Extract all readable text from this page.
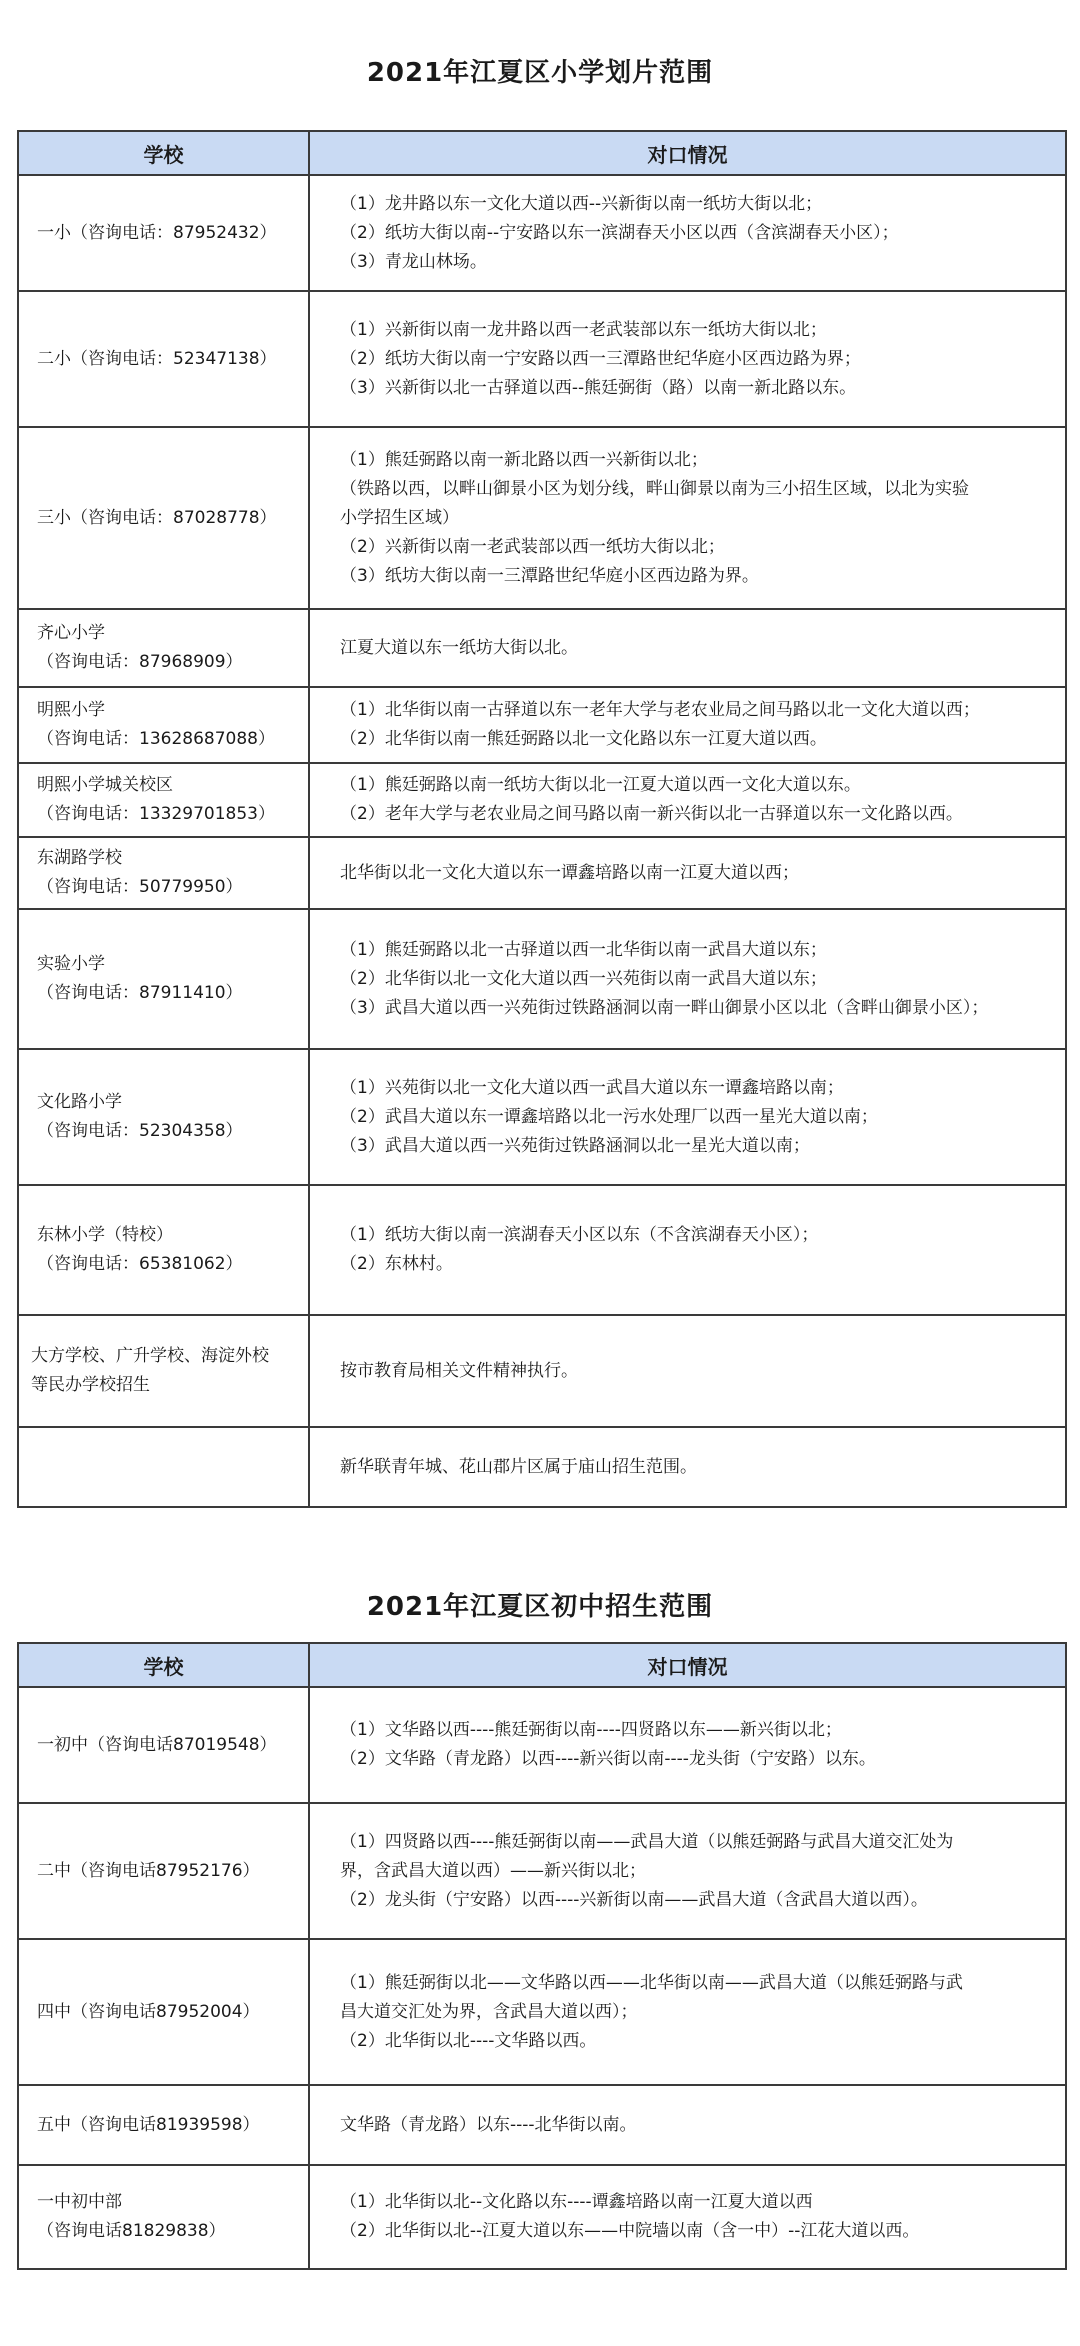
2021年江夏区小学划片范围
学校	对口情况

一小（咨询电话：87952432）	（1）龙井路以东一文化大道以西--兴新街以南一纸坊大街以北；
（2）纸坊大街以南--宁安路以东一滨湖春天小区以西（含滨湖春天小区）；
（3）青龙山林场。

二小（咨询电话：52347138）	（1）兴新街以南一龙井路以西一老武装部以东一纸坊大街以北；
（2）纸坊大街以南一宁安路以西一三潭路世纪华庭小区西边路为界；
（3）兴新街以北一古驿道以西--熊廷弼街（路）以南一新北路以东。

三小（咨询电话：87028778）	（1）熊廷弼路以南一新北路以西一兴新街以北；
（铁路以西，以畔山御景小区为划分线，畔山御景以南为三小招生区域，以北为实验
小学招生区域）
（2）兴新街以南一老武装部以西一纸坊大街以北；
（3）纸坊大街以南一三潭路世纪华庭小区西边路为界。

齐心小学
（咨询电话：87968909）	江夏大道以东一纸坊大街以北。

明熙小学
（咨询电话：13628687088）	（1）北华街以南一古驿道以东一老年大学与老农业局之间马路以北一文化大道以西；
（2）北华街以南一熊廷弼路以北一文化路以东一江夏大道以西。

明熙小学城关校区
（咨询电话：13329701853）	（1）熊廷弼路以南一纸坊大街以北一江夏大道以西一文化大道以东。
（2）老年大学与老农业局之间马路以南一新兴街以北一古驿道以东一文化路以西。

东湖路学校
（咨询电话：50779950）	北华街以北一文化大道以东一谭鑫培路以南一江夏大道以西；

实验小学
（咨询电话：87911410）	（1）熊廷弼路以北一古驿道以西一北华街以南一武昌大道以东；
（2）北华街以北一文化大道以西一兴苑街以南一武昌大道以东；
（3）武昌大道以西一兴苑街过铁路涵洞以南一畔山御景小区以北（含畔山御景小区）；

文化路小学
（咨询电话：52304358）	（1）兴苑街以北一文化大道以西一武昌大道以东一谭鑫培路以南；
（2）武昌大道以东一谭鑫培路以北一污水处理厂以西一星光大道以南；
（3）武昌大道以西一兴苑街过铁路涵洞以北一星光大道以南；

东林小学（特校）
（咨询电话：65381062）	（1）纸坊大街以南一滨湖春天小区以东（不含滨湖春天小区）；
（2）东林村。

大方学校、广升学校、海淀外校
等民办学校招生	按市教育局相关文件精神执行。

	新华联青年城、花山郡片区属于庙山招生范围。
2021年江夏区初中招生范围
学校	对口情况

一初中（咨询电话87019548）	（1）文华路以西----熊廷弼街以南----四贤路以东——新兴街以北；
（2）文华路（青龙路）以西----新兴街以南----龙头街（宁安路）以东。

二中（咨询电话87952176）	（1）四贤路以西----熊廷弼街以南——武昌大道（以熊廷弼路与武昌大道交汇处为
界，含武昌大道以西）——新兴街以北；
（2）龙头街（宁安路）以西----兴新街以南——武昌大道（含武昌大道以西）。

四中（咨询电话87952004）	（1）熊廷弼街以北——文华路以西——北华街以南——武昌大道（以熊廷弼路与武
昌大道交汇处为界，含武昌大道以西）；
（2）北华街以北----文华路以西。

五中（咨询电话81939598）	文华路（青龙路）以东----北华街以南。

一中初中部
（咨询电话81829838）	（1）北华街以北--文化路以东----谭鑫培路以南一江夏大道以西
（2）北华街以北--江夏大道以东——中院墙以南（含一中）--江花大道以西。
